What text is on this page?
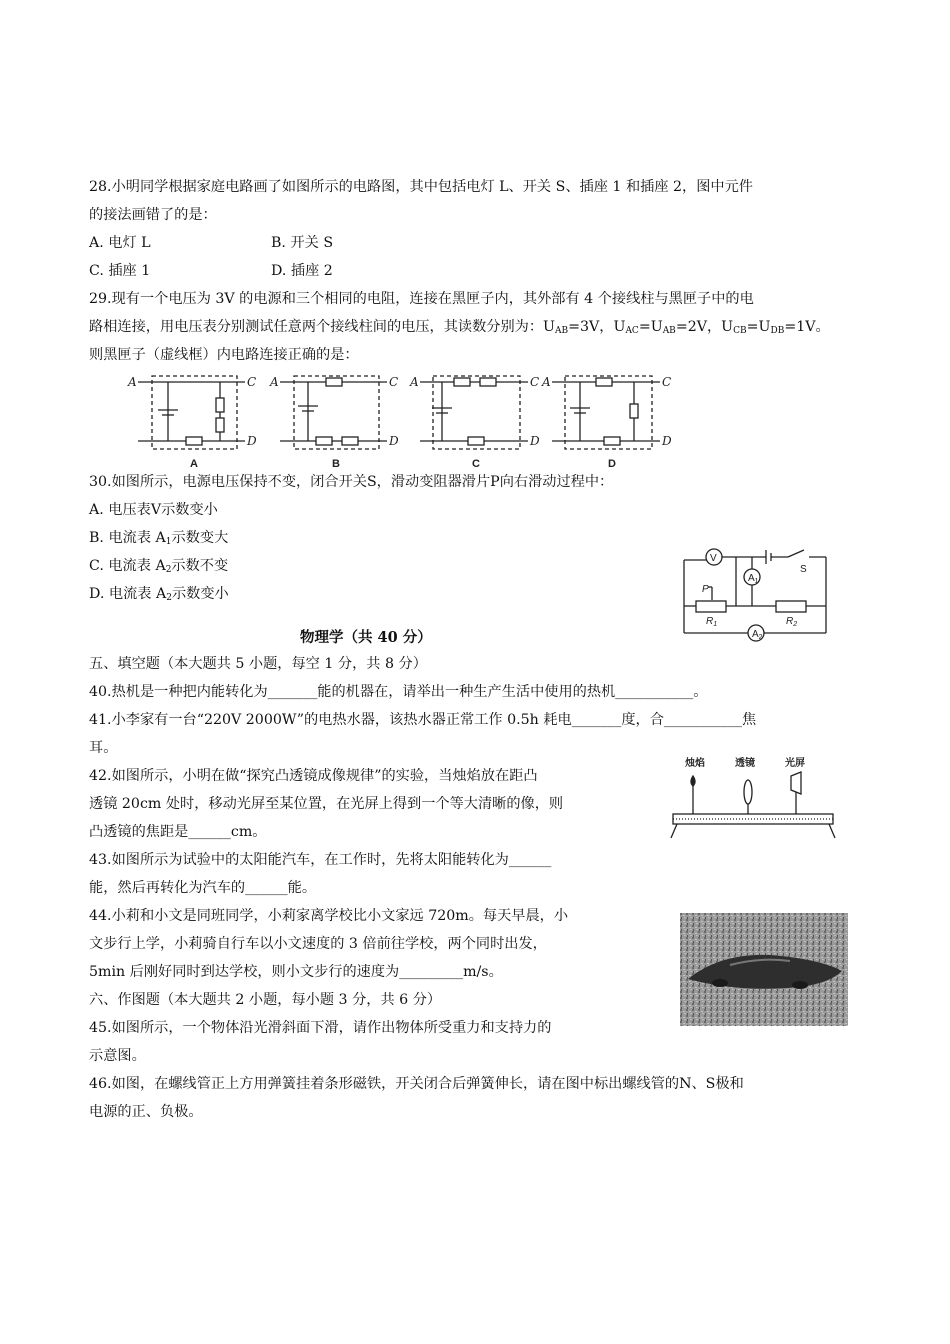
28.小明同学根据家庭电路画了如图所示的电路图，其中包括电灯 L、开关 S、插座 1 和插座 2，图中元件
的接法画错了的是：
A. 电灯 L	B. 开关 S
C. 插座 1	D. 插座 2
29.现有一个电压为 3V 的电源和三个相同的电阻，连接在黑匣子内，其外部有 4 个接线柱与黑匣子中的电
路相连接，用电压表分别测试任意两个接线柱间的电压，其读数分别为：$U_{AB}=3V$，$U_{AC}=U_{AB}=2V$，$U_{CB}=U_{DB}=1V$。
则黑匣子（虚线框）内电路连接正确的是：
A	C
D
A	C
D
A	C
D
A	C
D
A	B	C	D
30.如图所示，电源电压保持不变，闭合开关S，滑动变阻器滑片P向右滑动过程中：
A. 电压表V示数变小
B. 电流表 $A_1$示数变大
C. 电流表 $A_2$示数不变
D. 电流表 $A_2$示数变小
V
$A_1$
S
P
$R_1$	$R_2$
$A_2$
物理学（共 40 分）
五、填空题（本大题共 5 小题，每空 1 分，共 8 分）
40.热机是一种把内能转化为_______能的机器在，请举出一种生产生活中使用的热机___________。
41.小李家有一台“220V 2000W”的电热水器，该热水器正常工作 0.5h 耗电_______度，合___________焦
耳。
42.如图所示，小明在做“探究凸透镜成像规律”的实验，当烛焰放在距凸
透镜 20cm 处时，移动光屏至某位置，在光屏上得到一个等大清晰的像，则
凸透镜的焦距是______cm。
烛焰	透镜	光屏
43.如图所示为试验中的太阳能汽车，在工作时，先将太阳能转化为______
能，然后再转化为汽车的______能。
44.小莉和小文是同班同学，小莉家离学校比小文家远 720m。每天早晨，小
文步行上学，小莉骑自行车以小文速度的 3 倍前往学校，两个同时出发，
5min 后刚好同时到达学校，则小文步行的速度为_________m/s。
六、作图题（本大题共 2 小题，每小题 3 分，共 6 分）
45.如图所示，一个物体沿光滑斜面下滑，请作出物体所受重力和支持力的
示意图。
46.如图，在螺线管正上方用弹簧挂着条形磁铁，开关闭合后弹簧伸长，请在图中标出螺线管的N、S极和
电源的正、负极。
